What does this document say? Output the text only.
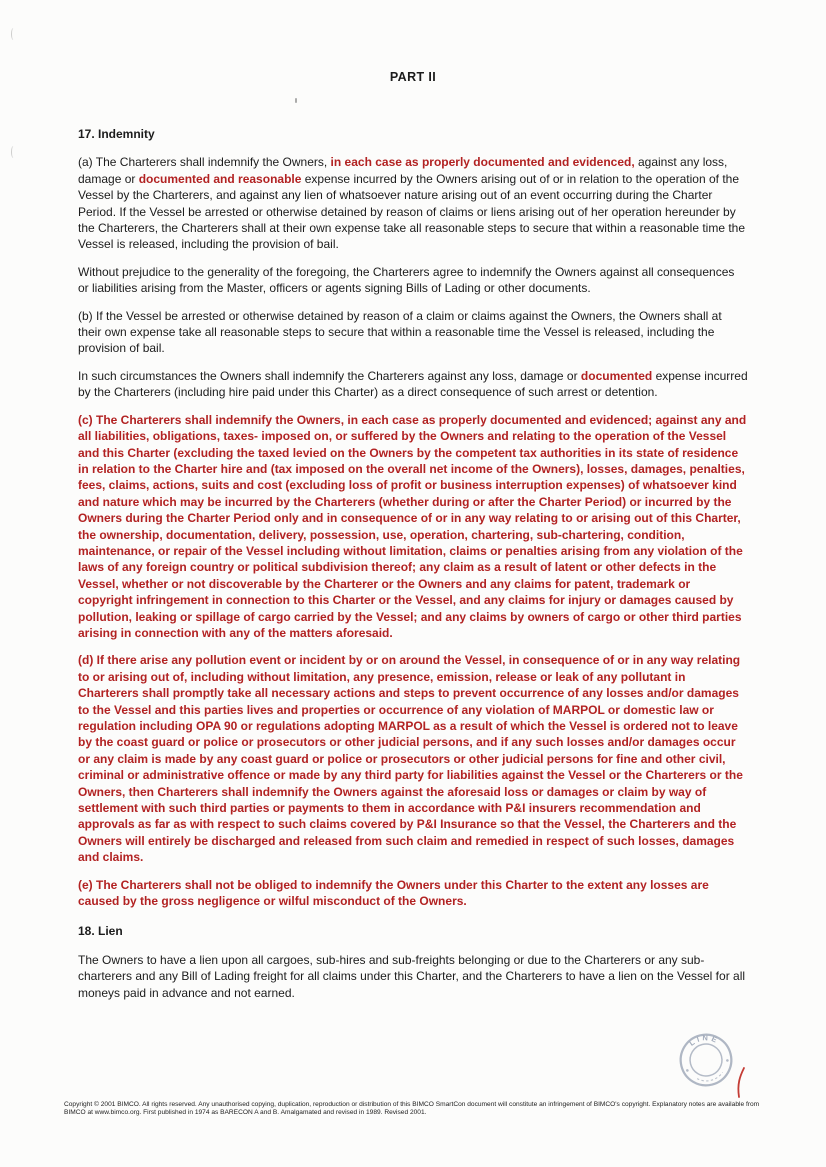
PART II
17. Indemnity

(a) The Charterers shall indemnify the Owners, in each case as properly documented and evidenced, against any loss, damage or documented and reasonable expense incurred by the Owners arising out of or in relation to the operation of the Vessel by the Charterers, and against any lien of whatsoever nature arising out of an event occurring during the Charter Period. If the Vessel be arrested or otherwise detained by reason of claims or liens arising out of her operation hereunder by the Charterers, the Charterers shall at their own expense take all reasonable steps to secure that within a reasonable time the Vessel is released, including the provision of bail.

Without prejudice to the generality of the foregoing, the Charterers agree to indemnify the Owners against all consequences or liabilities arising from the Master, officers or agents signing Bills of Lading or other documents.

(b) If the Vessel be arrested or otherwise detained by reason of a claim or claims against the Owners, the Owners shall at their own expense take all reasonable steps to secure that within a reasonable time the Vessel is released, including the provision of bail.

In such circumstances the Owners shall indemnify the Charterers against any loss, damage or documented expense incurred by the Charterers (including hire paid under this Charter) as a direct consequence of such arrest or detention.

(c) The Charterers shall indemnify the Owners, in each case as properly documented and evidenced; against any and all liabilities, obligations, taxes- imposed on, or suffered by the Owners and relating to the operation of the Vessel and this Charter (excluding the taxed levied on the Owners by the competent tax authorities in its state of residence in relation to the Charter hire and (tax imposed on the overall net income of the Owners), losses, damages, penalties, fees, claims, actions, suits and cost (excluding loss of profit or business interruption expenses) of whatsoever kind and nature which may be incurred by the Charterers (whether during or after the Charter Period) or incurred by the Owners during the Charter Period only and in consequence of or in any way relating to or arising out of this Charter, the ownership, documentation, delivery, possession, use, operation, chartering, sub-chartering, condition, maintenance, or repair of the Vessel including without limitation, claims or penalties arising from any violation of the laws of any foreign country or political subdivision thereof; any claim as a result of latent or other defects in the Vessel, whether or not discoverable by the Charterer or the Owners and any claims for patent, trademark or copyright infringement in connection to this Charter or the Vessel, and any claims for injury or damages caused by pollution, leaking or spillage of cargo carried by the Vessel; and any claims by owners of cargo or other third parties arising in connection with any of the matters aforesaid.

(d) If there arise any pollution event or incident by or on around the Vessel, in consequence of or in any way relating to or arising out of, including without limitation, any presence, emission, release or leak of any pollutant in Charterers shall promptly take all necessary actions and steps to prevent occurrence of any losses and/or damages to the Vessel and this parties lives and properties or occurrence of any violation of MARPOL or domestic law or regulation including OPA 90 or regulations adopting MARPOL as a result of which the Vessel is ordered not to leave by the coast guard or police or prosecutors or other judicial persons, and if any such losses and/or damages occur or any claim is made by any coast guard or police or prosecutors or other judicial persons for fine and other civil, criminal or administrative offence or made by any third party for liabilities against the Vessel or the Charterers or the Owners, then Charterers shall indemnify the Owners against the aforesaid loss or damages or claim by way of settlement with such third parties or payments to them in accordance with P&I insurers recommendation and approvals as far as with respect to such claims covered by P&I Insurance so that the Vessel, the Charterers and the Owners will entirely be discharged and released from such claim and remedied in respect of such losses, damages and claims.

(e) The Charterers shall not be obliged to indemnify the Owners under this Charter to the extent any losses are caused by the gross negligence or wilful misconduct of the Owners.

18. Lien

The Owners to have a lien upon all cargoes, sub-hires and sub-freights belonging or due to the Charterers or any sub-charterers and any Bill of Lading freight for all claims under this Charter, and the Charterers to have a lien on the Vessel for all moneys paid in advance and not earned.

LINE
Copyright © 2001 BIMCO. All rights reserved. Any unauthorised copying, duplication, reproduction or distribution of this BIMCO SmartCon document will constitute an infringement of BIMCO's copyright. Explanatory notes are available from BIMCO at www.bimco.org. First published in 1974 as BARECON A and B. Amalgamated and revised in 1989. Revised 2001.
